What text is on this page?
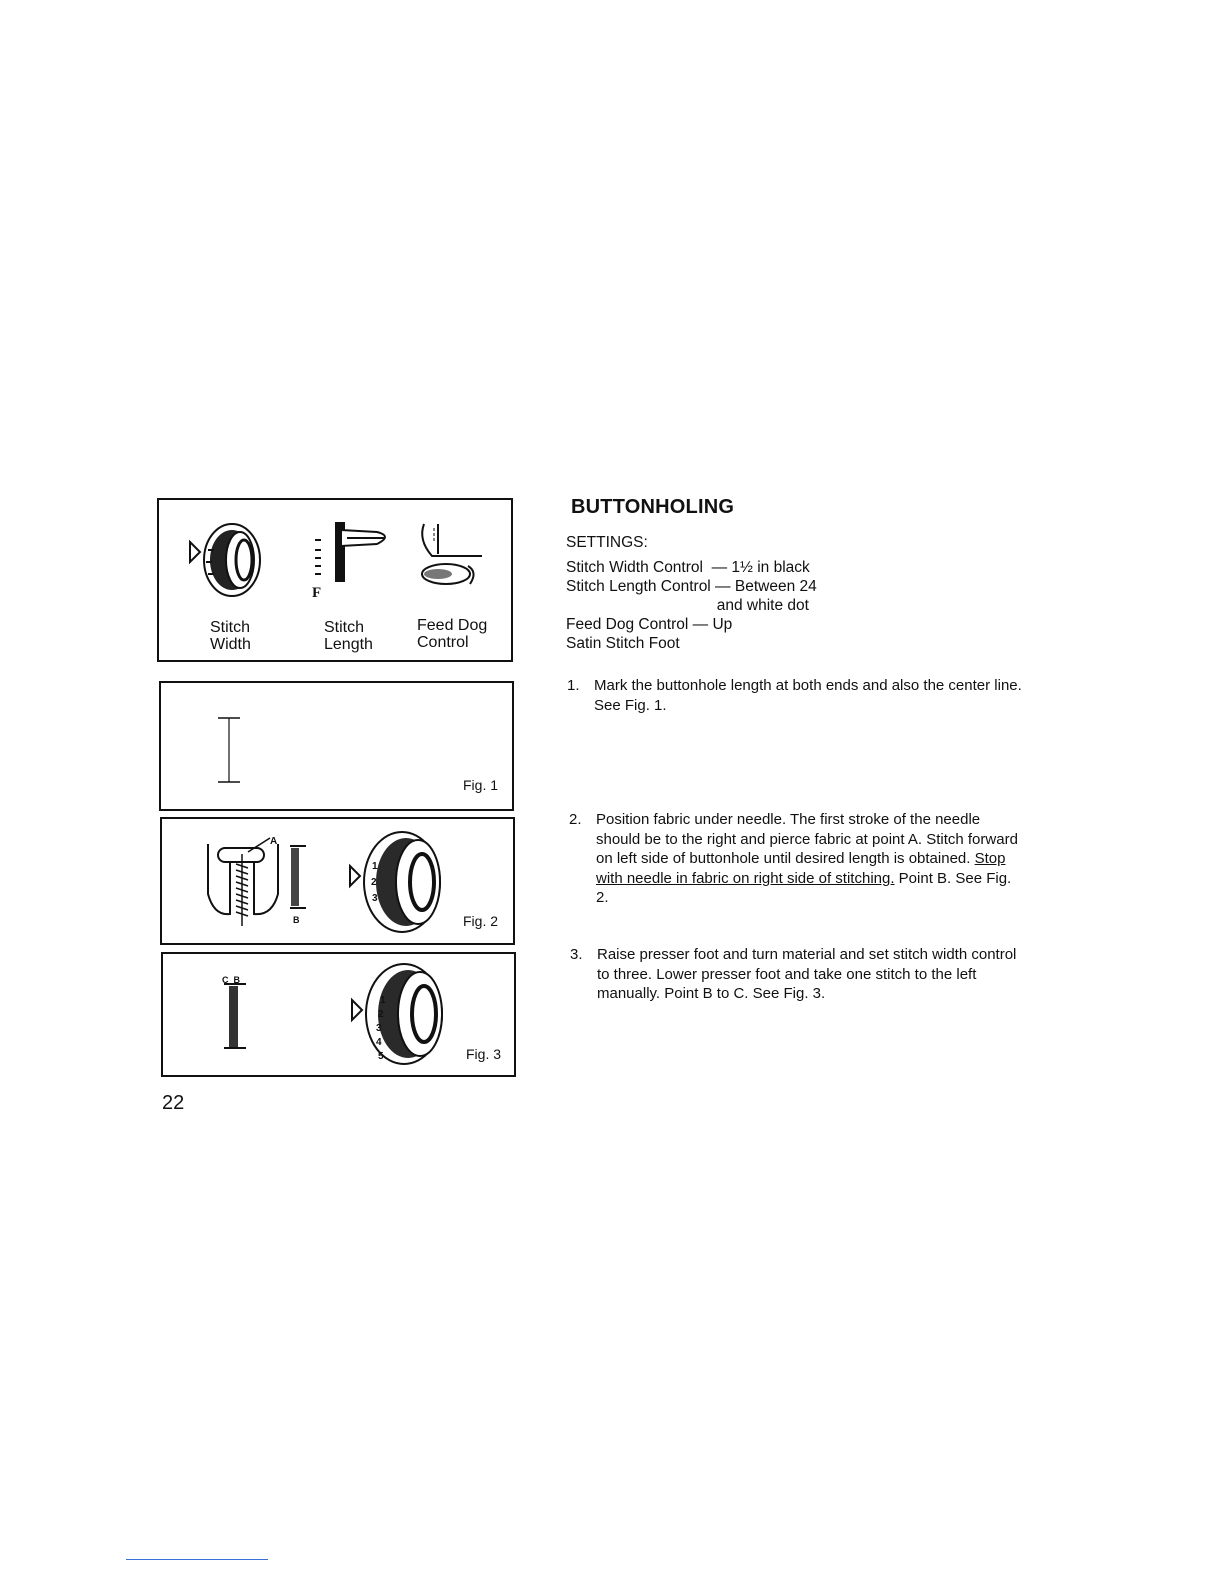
F
Stitch
Width
Stitch
Length
Feed Dog
Control
Fig. 1
A
B
1
2
3
Fig. 2
C_B
1
2
3
4
5	Fig. 3
22
BUTTONHOLING
SETTINGS:
Stitch Width Control  — 1½ in black
Stitch Length Control — Between 24
and white dot
Feed Dog Control — Up
Satin Stitch Foot
1. Mark the buttonhole length at both ends and also the center line. See Fig. 1.
2. Position fabric under needle. The first stroke of the needle should be to the right and pierce fabric at point A. Stitch forward on left side of buttonhole until desired length is obtained. Stop with needle in fabric on right side of stitching. Point B. See Fig. 2.
3. Raise presser foot and turn material and set stitch width control to three. Lower presser foot and take one stitch to the left manually. Point B to C. See Fig. 3.
